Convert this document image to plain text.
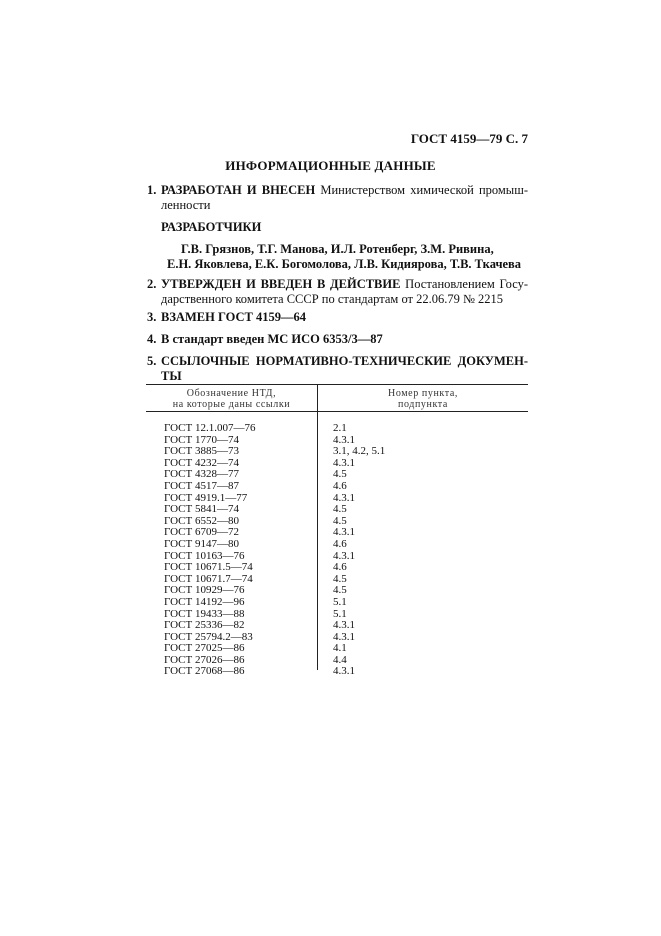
ГОСТ 4159—79 С. 7
ИНФОРМАЦИОННЫЕ ДАННЫЕ
1. РАЗРАБОТАН И ВНЕСЕН Министерством химической промыш-ленности
РАЗРАБОТЧИКИ
Г.В. Грязнов, Т.Г. Манова, И.Л. Ротенберг, З.М. Ривина,
Е.Н. Яковлева, Е.К. Богомолова, Л.В. Кидиярова, Т.В. Ткачева
2. УТВЕРЖДЕН И ВВЕДЕН В ДЕЙСТВИЕ Постановлением Госу-дарственного комитета СССР по стандартам от 22.06.79 № 2215
3. ВЗАМЕН ГОСТ 4159—64
4. В стандарт введен МС ИСО 6353/3—87
5. ССЫЛОЧНЫЕ НОРМАТИВНО-ТЕХНИЧЕСКИЕ ДОКУМЕН-ТЫ
Обозначение НТД,
на которые даны ссылки
Номер пункта,
подпункта
ГОСТ 12.1.007—76	2.1
ГОСТ 1770—74	4.3.1
ГОСТ 3885—73	3.1, 4.2, 5.1
ГОСТ 4232—74	4.3.1
ГОСТ 4328—77	4.5
ГОСТ 4517—87	4.6
ГОСТ 4919.1—77	4.3.1
ГОСТ 5841—74	4.5
ГОСТ 6552—80	4.5
ГОСТ 6709—72	4.3.1
ГОСТ 9147—80	4.6
ГОСТ 10163—76	4.3.1
ГОСТ 10671.5—74	4.6
ГОСТ 10671.7—74	4.5
ГОСТ 10929—76	4.5
ГОСТ 14192—96	5.1
ГОСТ 19433—88	5.1
ГОСТ 25336—82	4.3.1
ГОСТ 25794.2—83	4.3.1
ГОСТ 27025—86	4.1
ГОСТ 27026—86	4.4
ГОСТ 27068—86	4.3.1
